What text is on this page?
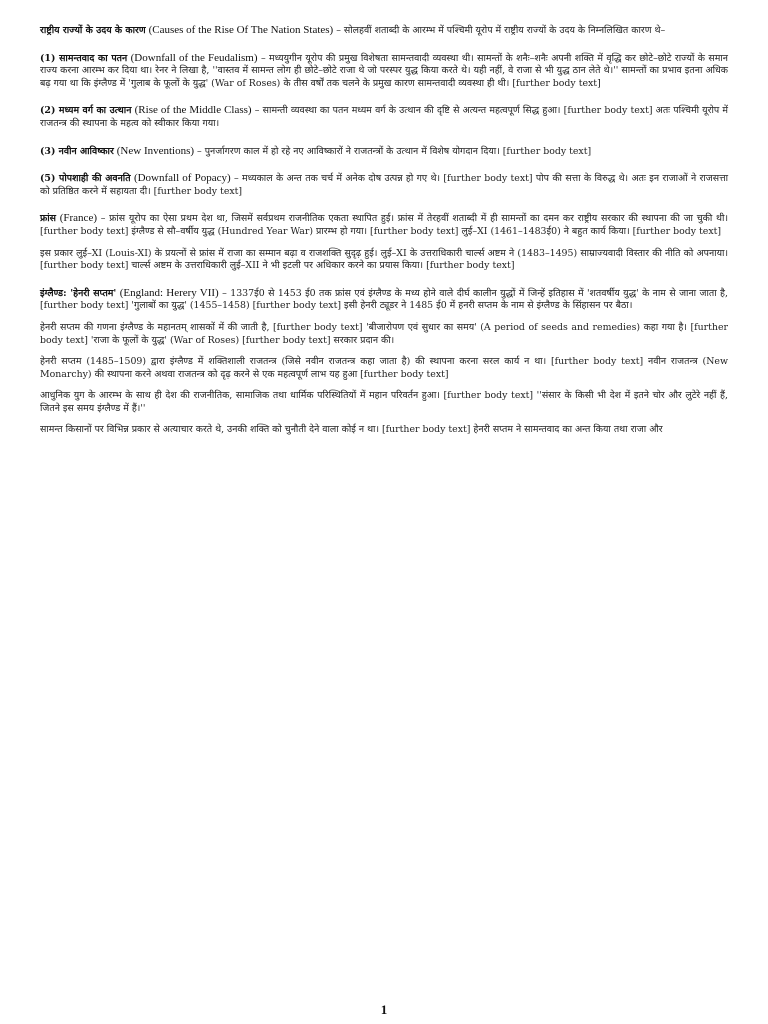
राष्ट्रीय राज्यों के उदय के कारण (Causes of the Rise Of The Nation States) – सोलहवीं शताब्दी के आरम्भ में पश्चिमी यूरोप में राष्ट्रीय राज्यों के उदय के निम्नलिखित कारण थे–

(1) सामन्तवाद का पतन (Downfall of the Feudalism) – मध्ययुगीन यूरोप की प्रमुख विशेषता सामन्तवादी व्यवस्था थी। सामन्तों के शनैः–शनैः अपनी शक्ति में वृद्धि कर छोटे–छोटे राज्यों के समान राज्य करना आरम्भ कर दिया था। रेनर ने लिखा है, ''वास्तव में सामन्त लोग ही छोटे–छोटे राजा थे जो परस्पर युद्ध किया करते थे। यही नहीं, वे राजा से भी युद्ध ठान लेते थे।'' सामन्तों का प्रभाव इतना अधिक बढ़ गया था कि इंग्लैण्ड में 'गुलाब के फूलों के युद्ध' (War of Roses) के तीस वर्षों तक चलने के प्रमुख कारण सामन्तवादी व्यवस्था ही थी। [further body text]

(2) मध्यम वर्ग का उत्थान (Rise of the Middle Class) – सामन्ती व्यवस्था का पतन मध्यम वर्ग के उत्थान की दृष्टि से अत्यन्त महत्वपूर्ण सिद्ध हुआ। [further body text] अतः पश्चिमी यूरोप में राजतन्त्र की स्थापना के महत्व को स्वीकार किया गया।

(3) नवीन आविष्कार (New Inventions) – पुनर्जागरण काल में हो रहे नए आविष्कारों ने राजतन्त्रों के उत्थान में विशेष योगदान दिया। [further body text]

(5) पोपशाही की अवनति (Downfall of Popacy) – मध्यकाल के अन्त तक चर्च में अनेक दोष उत्पन्न हो गए थे। [further body text] पोप की सत्ता के विरुद्ध थे। अतः इन राजाओं ने राजसत्ता को प्रतिष्ठित करने में सहायता दी। [further body text]

फ्रांस (France) – फ्रांस यूरोप का ऐसा प्रथम देश था, जिसमें सर्वप्रथम राजनीतिक एकता स्थापित हुई। फ्रांस में तेरहवीं शताब्दी में ही सामन्तों का दमन कर राष्ट्रीय सरकार की स्थापना की जा चुकी थी। [further body text] इंग्लैण्ड से सौ–वर्षीय युद्ध (Hundred Year War) प्रारम्भ हो गया। [further body text] लुई–XI (1461–1483ई0) ने बहुत कार्य किया। [further body text]

इस प्रकार लुई–XI (Louis-XI) के प्रयत्नों से फ्रांस में राजा का सम्मान बढ़ा व राजशक्ति सुदृढ़ हुई। लुई–XI के उत्तराधिकारी चार्ल्स अष्टम ने (1483–1495) साम्राज्यवादी विस्तार की नीति को अपनाया। [further body text] चार्ल्स अष्टम के उत्तराधिकारी लुई–XII ने भी इटली पर अधिकार करने का प्रयास किया। [further body text]

इंग्लैण्ड: 'हेनरी सप्तम' (England: Herery VII) – 1337ई0 से 1453 ई0 तक फ्रांस एवं इंग्लैण्ड के मध्य होने वाले दीर्घ कालीन युद्धों में जिन्हें इतिहास में 'शतवर्षीय युद्ध' के नाम से जाना जाता है, [further body text] 'गुलाबों का युद्ध' (1455–1458) [further body text] इसी हेनरी ट्यूडर ने 1485 ई0 में हनरी सप्तम के नाम से इंग्लैण्ड के सिंहासन पर बैठा।

हेनरी सप्तम की गणना इंग्लैण्ड के महानतम् शासकों में की जाती है, [further body text] 'बीजारोपण एवं सुधार का समय' (A period of seeds and remedies) कहा गया है। [further body text] 'राजा के फूलों के युद्ध' (War of Roses) [further body text] सरकार प्रदान की।

हेनरी सप्तम (1485–1509) द्वारा इंग्लैण्ड में शक्तिशाली राजतन्त्र (जिसे नवीन राजतन्त्र कहा जाता है) की स्थापना करना सरल कार्य न था। [further body text] नवीन राजतन्त्र (New Monarchy) की स्थापना करने अथवा राजतन्त्र को दृढ़ करने से एक महत्वपूर्ण लाभ यह हुआ [further body text]

आधुनिक युग के आरम्भ के साथ ही देश की राजनीतिक, सामाजिक तथा धार्मिक परिस्थितियों में महान परिवर्तन हुआ। [further body text] ''संसार के किसी भी देश में इतने चोर और लुटेरे नहीं हैं, जितने इस समय इंग्लैण्ड में हैं।''

सामन्त किसानों पर विभिन्न प्रकार से अत्याचार करते थे, उनकी शक्ति को चुनौती देने वाला कोई न था। [further body text] हेनरी सप्तम ने सामन्तवाद का अन्त किया तथा राजा और

1
